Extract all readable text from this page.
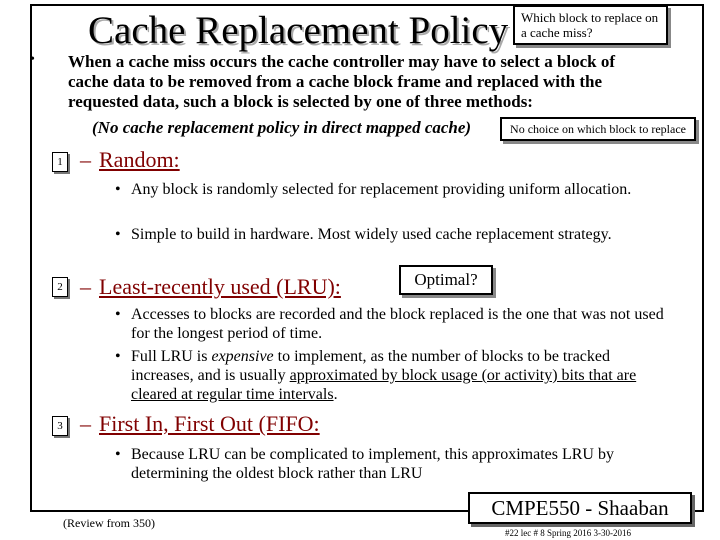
Cache Replacement Policy Which block to replace on a cache miss?
• When a cache miss occurs the cache controller may have to select a block of

cache data to be removed from a cache block frame and replaced with the

requested data, such a block is selected by one of three methods:

(No cache replacement policy in direct mapped cache)	No choice on which block to replace
1 – Random:
• Any block is randomly selected for replacement providing uniform allocation.
• Simple to build in hardware. Most widely used cache replacement strategy.
2 – Least-recently used (LRU):	Optimal?
• Accesses to blocks are recorded and the block replaced is the one that was not used for the longest period of time.
• Full LRU is expensive to implement, as the number of blocks to be tracked increases, and is usually approximated by block usage (or activity) bits that are cleared at regular time intervals.
3 – First In, First Out (FIFO:
• Because LRU can be complicated to implement, this approximates LRU by determining the oldest block rather than LRU
(Review from 350)
CMPE550 - Shaaban
#22 lec # 8 Spring 2016 3-30-2016
